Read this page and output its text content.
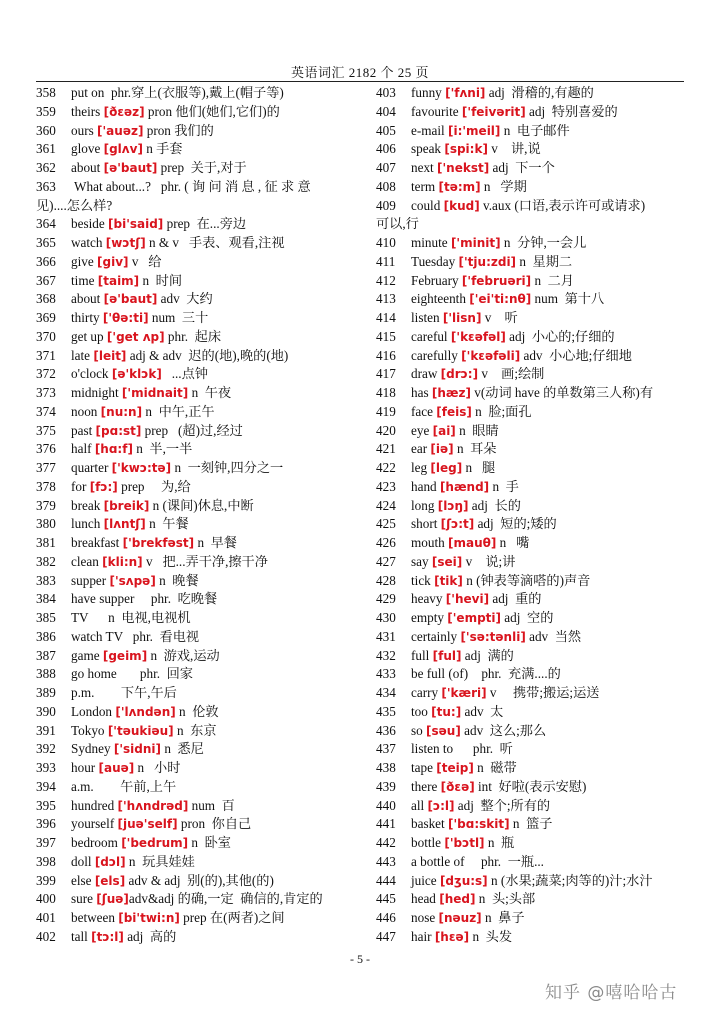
英语词汇 2182 个 25 页
358	put on  phr.穿上(衣服等),戴上(帽子等)
359	theirs [ðɛəz] pron 他们(她们,它们)的
360	ours ['auəz] pron 我们的
361	glove [glʌv] n 手套
362	about [ə'baut] prep  关于,对于
363	What about...?   phr. ( 询 问 消 息 , 征 求 意
见)....怎么样?
364	beside [bi'said] prep  在...旁边
365	watch [wɔtʃ] n & v   手表、观看,注视
366	give [giv] v   给
367	time [taim] n  时间
368	about [ə'baut] adv  大约
369	thirty ['θə:ti] num  三十
370	get up ['get ʌp] phr.  起床
371	late [leit] adj & adv  迟的(地),晚的(地)
372	o'clock [ə'klɔk]   ...点钟
373	midnight ['midnait] n  午夜
374	noon [nu:n] n  中午,正午
375	past [pɑ:st] prep   (超)过,经过
376	half [hɑ:f] n  半,一半
377	quarter ['kwɔ:tə] n  一刻钟,四分之一
378	for [fɔ:] prep     为,给
379	break [breik] n (课间)休息,中断
380	lunch [lʌntʃ] n  午餐
381	breakfast ['brekfəst] n  早餐
382	clean [kli:n] v   把...弄干净,擦干净
383	supper ['sʌpə] n  晚餐
384	have supper     phr.  吃晚餐
385	TV      n  电视,电视机
386	watch TV   phr.  看电视
387	game [geim] n  游戏,运动
388	go home       phr.  回家
389	p.m.        下午,午后
390	London ['lʌndən] n  伦敦
391	Tokyo ['təukiəu] n  东京
392	Sydney ['sidni] n  悉尼
393	hour [auə] n   小时
394	a.m.        午前,上午
395	hundred ['hʌndrəd] num  百
396	yourself [juə'self] pron  你自己
397	bedroom ['bedrum] n  卧室
398	doll [dɔl] n  玩具娃娃
399	else [els] adv & adj  别(的),其他(的)
400	sure [ʃuə]adv&adj 的确,一定  确信的,肯定的
401	between [bi'twi:n] prep 在(两者)之间
402	tall [tɔ:l] adj  高的
403	funny ['fʌni] adj  滑稽的,有趣的
404	favourite ['feivərit] adj  特别喜爱的
405	e-mail [i:'meil] n  电子邮件
406	speak [spi:k] v    讲,说
407	next ['nekst] adj  下一个
408	term [tə:m] n   学期
409	could [kud] v.aux (口语,表示许可或请求)
可以,行
410	minute ['minit] n  分钟,一会儿
411	Tuesday ['tju:zdi] n  星期二
412	February ['februəri] n  二月
413	eighteenth ['ei'ti:nθ] num  第十八
414	listen ['lisn] v    听
415	careful ['kɛəfəl] adj  小心的;仔细的
416	carefully ['kɛəfəli] adv  小心地;仔细地
417	draw [drɔ:] v    画;绘制
418	has [hæz] v(动词 have 的单数第三人称)有
419	face [feis] n  脸;面孔
420	eye [ai] n  眼睛
421	ear [iə] n  耳朵
422	leg [leg] n   腿
423	hand [hænd] n  手
424	long [lɔŋ] adj  长的
425	short [ʃɔ:t] adj  短的;矮的
426	mouth [mauθ] n   嘴
427	say [sei] v    说;讲
428	tick [tik] n (钟表等滴嗒的)声音
429	heavy ['hevi] adj  重的
430	empty ['empti] adj  空的
431	certainly ['sə:tənli] adv  当然
432	full [ful] adj  满的
433	be full (of)    phr.  充满....的
434	carry ['kæri] v     携带;搬运;运送
435	too [tu:] adv  太
436	so [səu] adv  这么;那么
437	listen to      phr.  听
438	tape [teip] n  磁带
439	there [ðɛə] int  好啦(表示安慰)
440	all [ɔ:l] adj  整个;所有的
441	basket ['bɑ:skit] n  篮子
442	bottle ['bɔtl] n  瓶
443	a bottle of     phr.  一瓶...
444	juice [dʒu:s] n (水果;蔬菜;肉等的)汁;水汁
445	head [hed] n  头;头部
446	nose [nəuz] n  鼻子
447	hair [hɛə] n  头发
- 5 -
知乎 @嘻哈哈古
